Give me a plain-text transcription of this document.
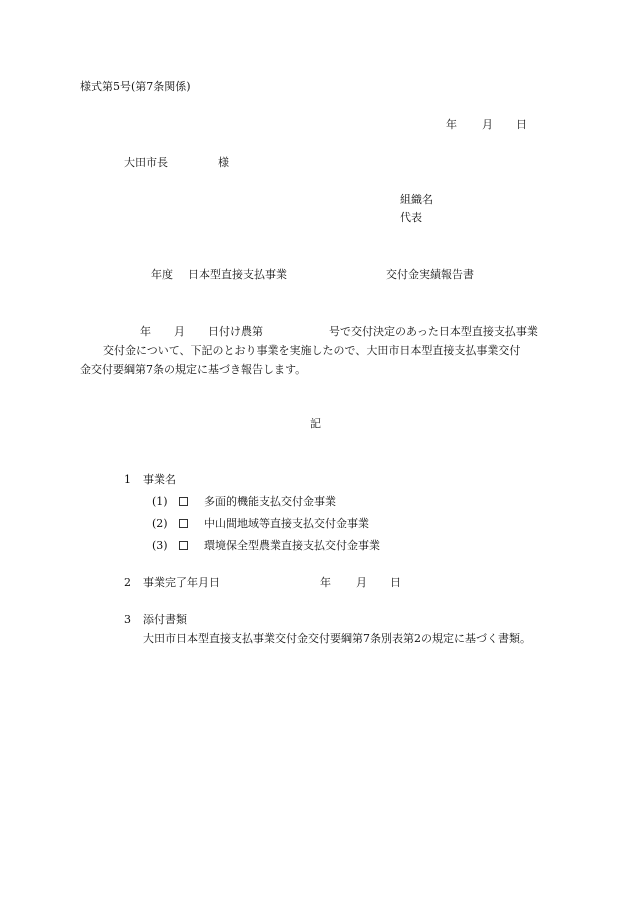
様式第5号(第7条関係)
年 月 日
大田市長	様
組織名
代表
年度 日本型直接支払事業	交付金実績報告書
年 月 日付け農第	号で交付決定のあった日本型直接支払事業
交付金について、下記のとおり事業を実施したので、大田市日本型直接支払事業交付
金交付要綱第7条の規定に基づき報告します。
記
1 事業名
(1)	多面的機能支払交付金事業
(2)	中山間地域等直接支払交付金事業
(3)	環境保全型農業直接支払交付金事業
2 事業完了年月日	年 月 日
3 添付書類
大田市日本型直接支払事業交付金交付要綱第7条別表第2の規定に基づく書類。
